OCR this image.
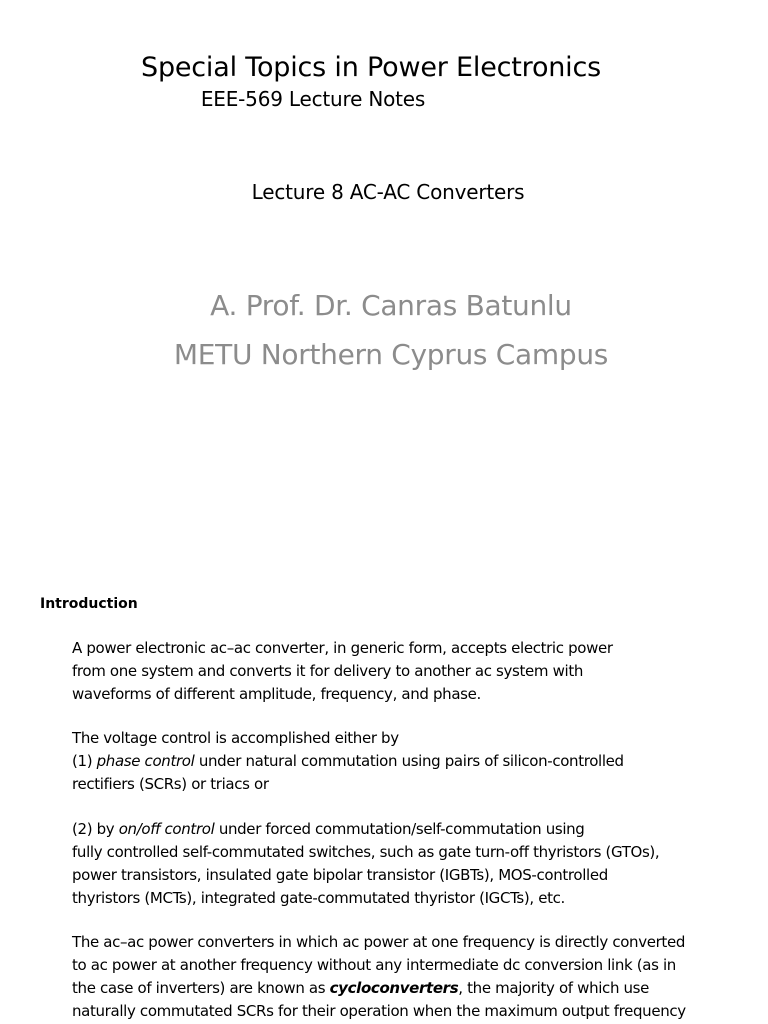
Special Topics in Power Electronics
EEE-569 Lecture Notes
Lecture 8 AC-AC Converters
A. Prof. Dr. Canras Batunlu
METU Northern Cyprus Campus
Introduction
A power electronic ac–ac converter, in generic form, accepts electric power
from one system and converts it for delivery to another ac system with
waveforms of different amplitude, frequency, and phase.
The voltage control is accomplished either by
(1) phase control under natural commutation using pairs of silicon-controlled
rectifiers (SCRs) or triacs or
(2) by on/off control under forced commutation/self-commutation using
fully controlled self-commutated switches, such as gate turn-off thyristors (GTOs),
power transistors, insulated gate bipolar transistor (IGBTs), MOS-controlled
thyristors (MCTs), integrated gate-commutated thyristor (IGCTs), etc.
The ac–ac power converters in which ac power at one frequency is directly converted
to ac power at another frequency without any intermediate dc conversion link (as in
the case of inverters) are known as cycloconverters, the majority of which use
naturally commutated SCRs for their operation when the maximum output frequency
